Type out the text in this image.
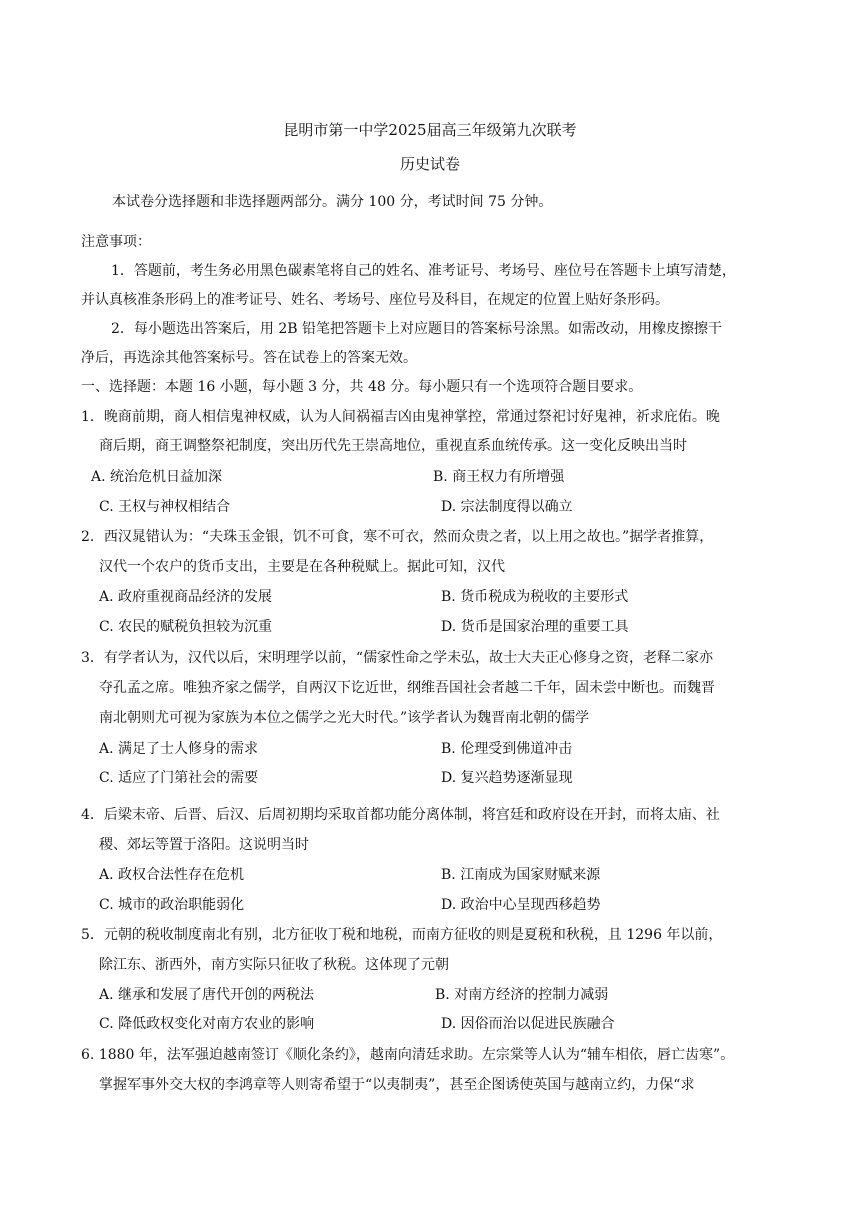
昆明市第一中学2025届高三年级第九次联考
历史试卷
本试卷分选择题和非选择题两部分。满分 100 分，考试时间 75 分钟。
注意事项：
1．答题前，考生务必用黑色碳素笔将自己的姓名、准考证号、考场号、座位号在答题卡上填写清楚，
并认真核准条形码上的准考证号、姓名、考场号、座位号及科目，在规定的位置上贴好条形码。
2．每小题选出答案后，用 2B 铅笔把答题卡上对应题目的答案标号涂黑。如需改动，用橡皮擦擦干
净后，再选涂其他答案标号。答在试卷上的答案无效。
一、选择题：本题 16 小题，每小题 3 分，共 48 分。每小题只有一个选项符合题目要求。
1．晚商前期，商人相信鬼神权威，认为人间祸福吉凶由鬼神掌控，常通过祭祀讨好鬼神，祈求庇佑。晚
商后期，商王调整祭祀制度，突出历代先王崇高地位，重视直系血统传承。这一变化反映出当时
A. 统治危机日益加深	B. 商王权力有所增强
C. 王权与神权相结合	D. 宗法制度得以确立
2．西汉晁错认为：“夫珠玉金银，饥不可食，寒不可衣，然而众贵之者，以上用之故也。”据学者推算，
汉代一个农户的货币支出，主要是在各种税赋上。据此可知，汉代
A. 政府重视商品经济的发展	B. 货币税成为税收的主要形式
C. 农民的赋税负担较为沉重	D. 货币是国家治理的重要工具
3．有学者认为，汉代以后，宋明理学以前，“儒家性命之学未弘，故士大夫正心修身之资，老释二家亦
夺孔孟之席。唯独齐家之儒学，自两汉下讫近世，纲维吾国社会者越二千年，固未尝中断也。而魏晋
南北朝则尤可视为家族为本位之儒学之光大时代。”该学者认为魏晋南北朝的儒学
A. 满足了士人修身的需求	B. 伦理受到佛道冲击
C. 适应了门第社会的需要	D. 复兴趋势逐渐显现
4．后梁末帝、后晋、后汉、后周初期均采取首都功能分离体制，将宫廷和政府设在开封，而将太庙、社
稷、郊坛等置于洛阳。这说明当时
A. 政权合法性存在危机	B. 江南成为国家财赋来源
C. 城市的政治职能弱化	D. 政治中心呈现西移趋势
5．元朝的税收制度南北有别，北方征收丁税和地税，而南方征收的则是夏税和秋税，且 1296 年以前，
除江东、浙西外，南方实际只征收了秋税。这体现了元朝
A. 继承和发展了唐代开创的两税法	B. 对南方经济的控制力减弱
C. 降低政权变化对南方农业的影响	D. 因俗而治以促进民族融合
6. 1880 年，法军强迫越南签订《顺化条约》，越南向清廷求助。左宗棠等人认为“辅车相依，唇亡齿寒”。
掌握军事外交大权的李鸿章等人则寄希望于“以夷制夷”，甚至企图诱使英国与越南立约，力保“求
